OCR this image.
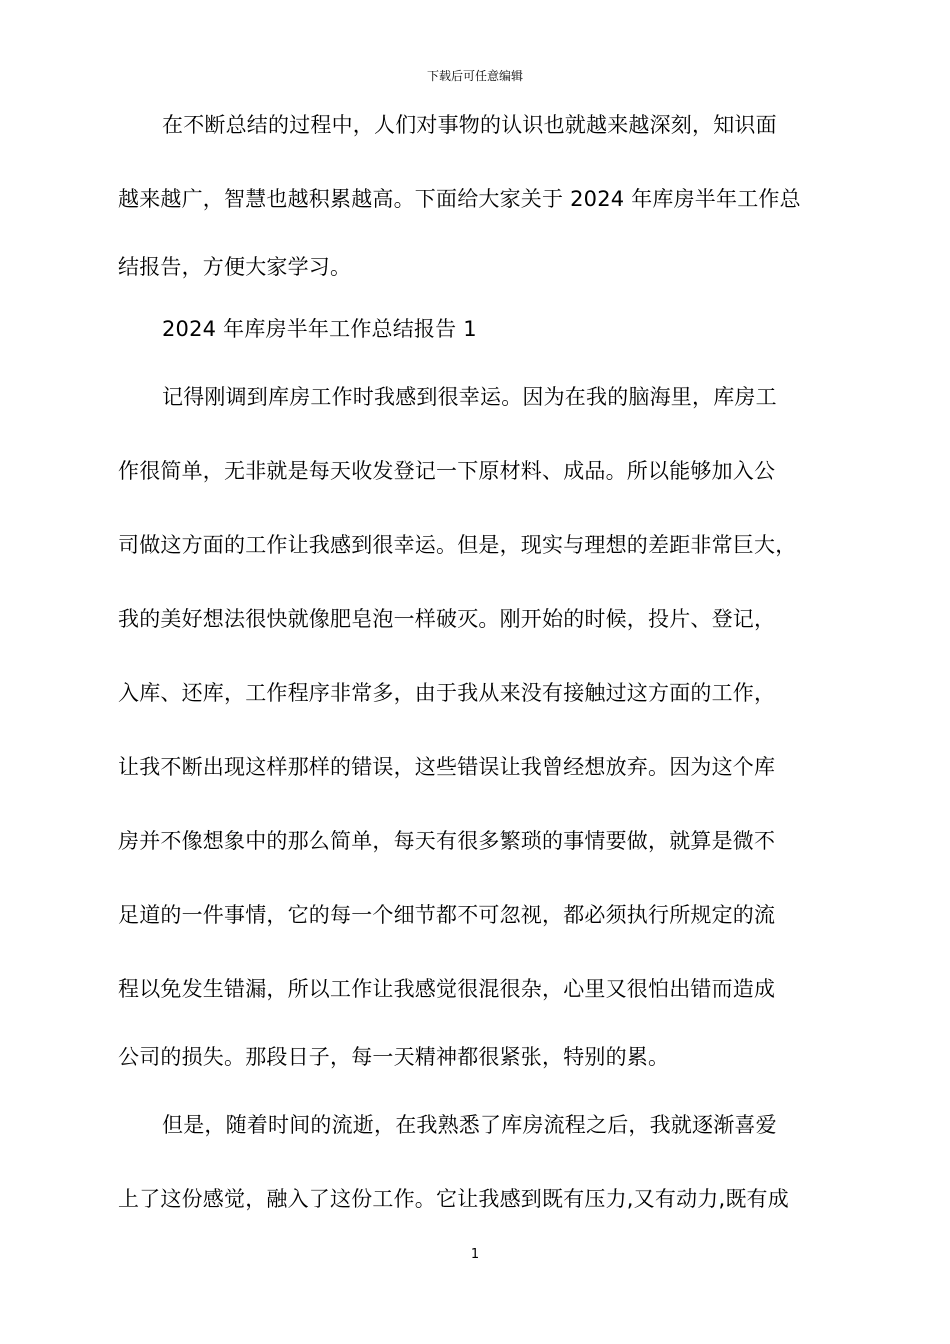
下载后可任意编辑
在不断总结的过程中，人们对事物的认识也就越来越深刻，知识面
越来越广，智慧也越积累越高。下面给大家关于 2024 年库房半年工作总
结报告，方便大家学习。
2024 年库房半年工作总结报告 1
记得刚调到库房工作时我感到很幸运。因为在我的脑海里，库房工
作很简单，无非就是每天收发登记一下原材料、成品。所以能够加入公
司做这方面的工作让我感到很幸运。但是，现实与理想的差距非常巨大，
我的美好想法很快就像肥皂泡一样破灭。刚开始的时候，投片、登记，
入库、还库，工作程序非常多，由于我从来没有接触过这方面的工作，
让我不断出现这样那样的错误，这些错误让我曾经想放弃。因为这个库
房并不像想象中的那么简单，每天有很多繁琐的事情要做，就算是微不
足道的一件事情，它的每一个细节都不可忽视，都必须执行所规定的流
程以免发生错漏，所以工作让我感觉很混很杂，心里又很怕出错而造成
公司的损失。那段日子，每一天精神都很紧张，特别的累。
但是，随着时间的流逝，在我熟悉了库房流程之后，我就逐渐喜爱
上了这份感觉，融入了这份工作。它让我感到既有压力,又有动力,既有成
1
